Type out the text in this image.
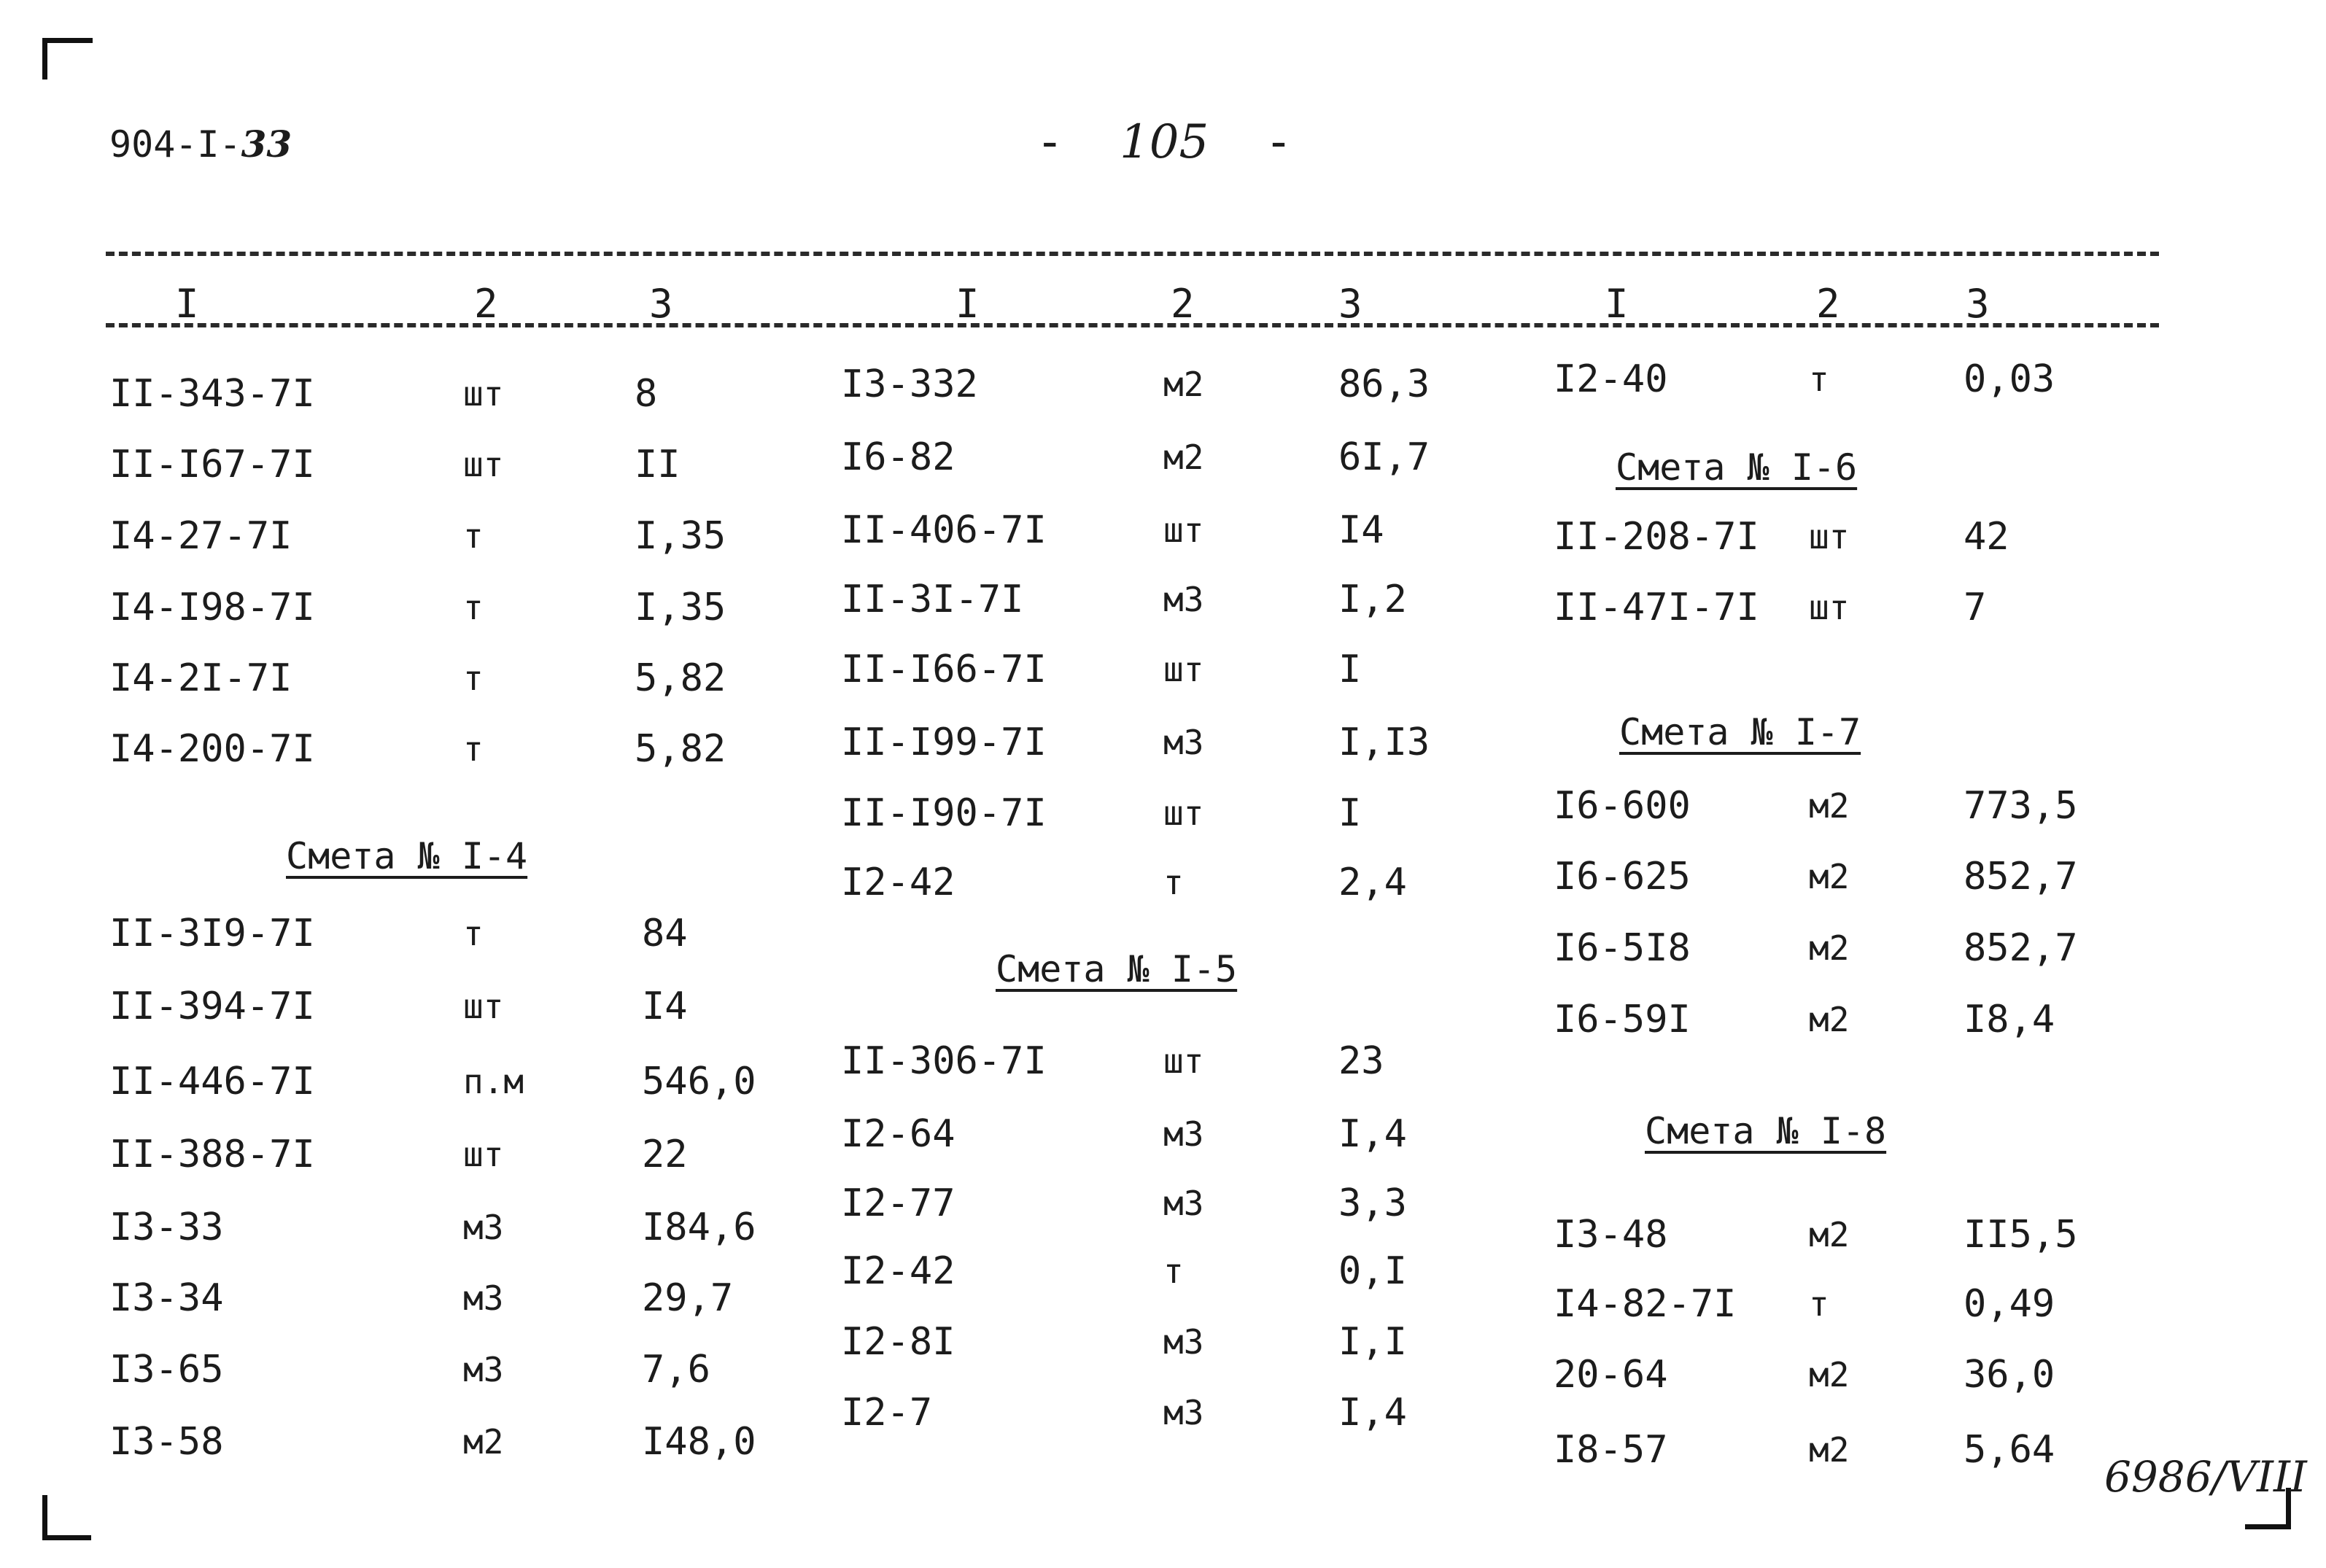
904-I-33	- 105 -
I	2	3	I	2	3	I	2	3
Смета № I-4
Смета № I-5
Смета № I-6
Смета № I-7
Смета № I-8
II-343-7I	шт	8
II-I67-7I	шт	II
I4-27-7I	т	I,35
I4-I98-7I	т	I,35
I4-2I-7I	т	5,82
I4-200-7I	т	5,82
II-3I9-7I	т	84
II-394-7I	шт	I4
II-446-7I	п.м	546,0
II-388-7I	шт	22
I3-33	м3	I84,6
I3-34	м3	29,7
I3-65	м3	7,6
I3-58	м2	I48,0
I3-332	м2	86,3
I6-82	м2	6I,7
II-406-7I	шт	I4
II-3I-7I	м3	I,2
II-I66-7I	шт	I
II-I99-7I	м3	I,I3
II-I90-7I	шт	I
I2-42	т	2,4
II-306-7I	шт	23
I2-64	м3	I,4
I2-77	м3	3,3
I2-42	т	0,I
I2-8I	м3	I,I
I2-7	м3	I,4
I2-40	т	0,03
II-208-7I шт	42
II-47I-7I шт	7
I6-600	м2	773,5
I6-625	м2	852,7
I6-5I8	м2	852,7
I6-59I	м2	I8,4
I3-48	м2	II5,5
I4-82-7I т	0,49
20-64	м2	36,0
I8-57	м2	5,64
6986/VIII
